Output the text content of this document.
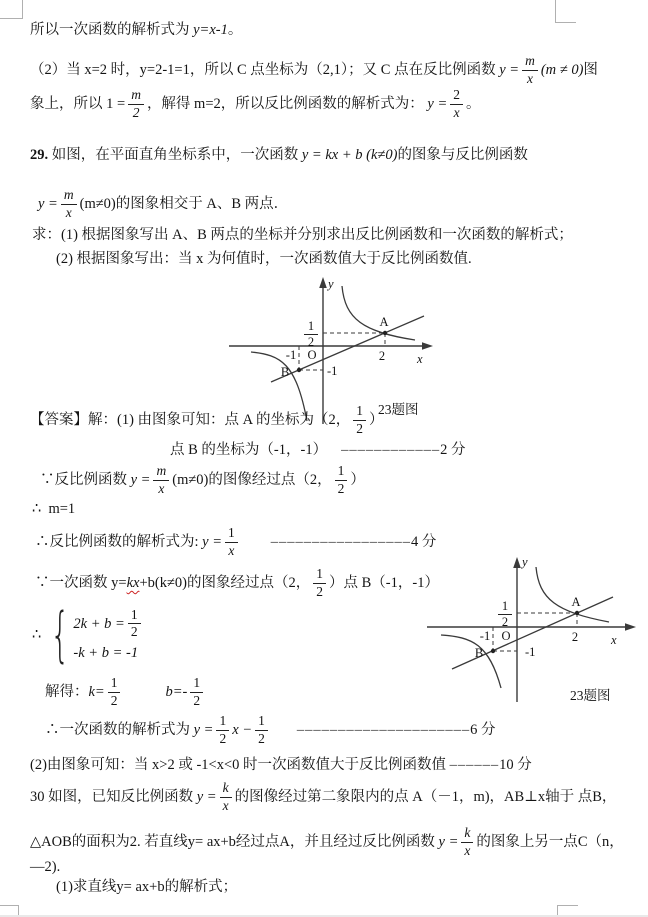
所以一次函数的解析式为 y=x-1 。
（2）当 x=2 时，y=2-1=1，所以 C 点坐标为（2,1）；又 C 点在反比例函数 $y = \frac{m}{x} (m \ne 0)$ 图
象上，所以 $1 = \frac{m}{2}$ ，解得 m=2，所以反比例函数的解析式为： $y = \frac{2}{x}$ 。
29. 如图，在平面直角坐标系中，一次函数 y = kx + b (k≠0) 的图象与反比例函数
$y = \frac{m}{x} (m\ne 0)$的图象相交于 A、B 两点．
求：(1) 根据图象写出 A、B 两点的坐标并分别求出反比例函数和一次函数的解析式；
(2) 根据图象写出：当 x 为何值时，一次函数值大于反比例函数值.
y
x
O
A
B
2
-1
-1
1
2
23题图
【答案】解：(1) 由图象可知：点 A 的坐标为（2， $\frac{1}{2}$ ）
点 B 的坐标为（-1，-1） –––––––––––– 2 分
∵反比例函数 $y = \frac{m}{x} (m\ne 0)$的图像经过点（2， $\frac{1}{2}$ ）
∴  m=1
∴反比例函数的解析式为: $y = \frac{1}{x}$ ––––––––––––––––– 4 分
∵一次函数 y= kx +b(k≠0)的图象经过点（2， $\frac{1}{2}$ ）点 B（-1，-1）
∴ { $2k + b = \frac{1}{2}$
-k + b = -1
解得： $k= \frac{1}{2}$	$b=- \frac{1}{2}$
∴一次函数的解析式为 $y = \frac{1}{2}$ $x - \frac{1}{2}$ ––––––––––––––––––––– 6 分
y
x
O
A
B
2
-1
-1
1
2
23题图
(2)由图象可知：当 x>2 或 -1<x<0 时一次函数值大于反比例函数值 –––––– 10 分
30 如图，已知反比例函数 $y = \frac{k}{x}$ 的图像经过第二象限内的点 A（－1，m)，AB⊥x轴于 点B，
△AOB的面积为2. 若直线y= ax+b经过点A，并且经过反比例函数 $y = \frac{k}{x}$ 的图象上另一点C（n，
—2).
(1)求直线y= ax+b的解析式；
